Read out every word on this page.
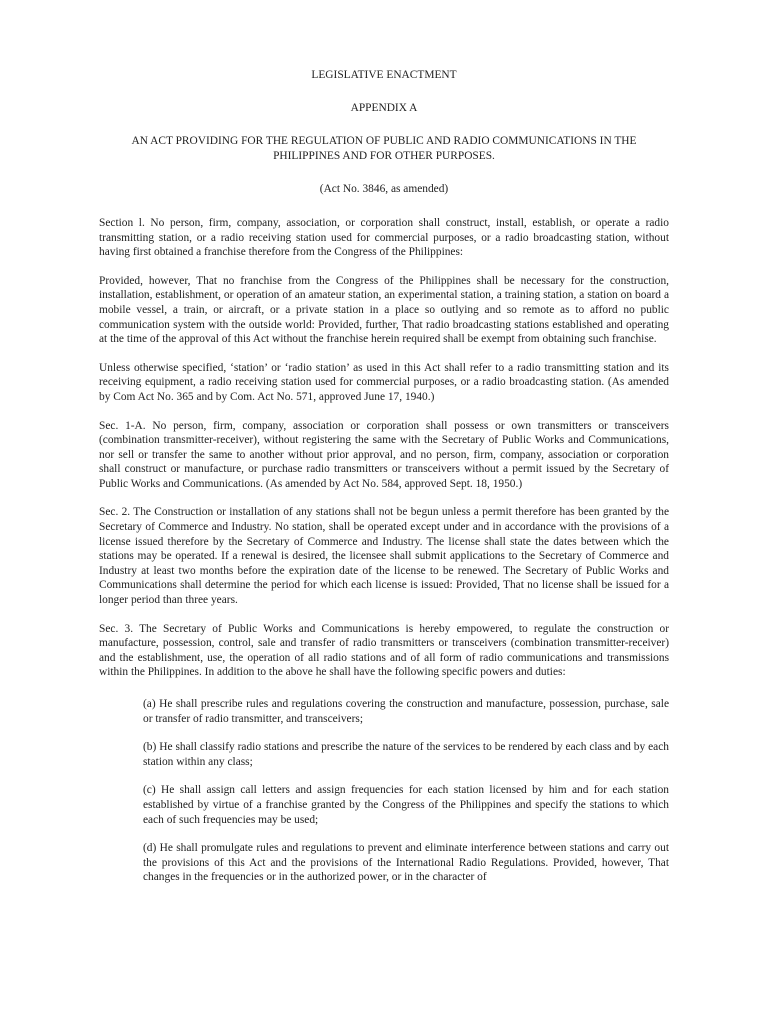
LEGISLATIVE ENACTMENT

APPENDIX A

AN ACT PROVIDING FOR THE REGULATION OF PUBLIC AND RADIO COMMUNICATIONS IN THE PHILIPPINES AND FOR OTHER PURPOSES.

(Act No. 3846, as amended)

Section l. No person, firm, company, association, or corporation shall construct, install, establish, or operate a radio transmitting station, or a radio receiving station used for commercial purposes, or a radio broadcasting station, without having first obtained a franchise therefore from the Congress of the Philippines:

Provided, however, That no franchise from the Congress of the Philippines shall be necessary for the construction, installation, establishment, or operation of an amateur station, an experimental station, a training station, a station on board a mobile vessel, a train, or aircraft, or a private station in a place so outlying and so remote as to afford no public communication system with the outside world: Provided, further, That radio broadcasting stations established and operating at the time of the approval of this Act without the franchise herein required shall be exempt from obtaining such franchise.

Unless otherwise specified, ‘station’ or ‘radio station’ as used in this Act shall refer to a radio transmitting station and its receiving equipment, a radio receiving station used for commercial purposes, or a radio broadcasting station. (As amended by Com Act No. 365 and by Com. Act No. 571, approved June 17, 1940.)

Sec. 1-A. No person, firm, company, association or corporation shall possess or own transmitters or transceivers (combination transmitter-receiver), without registering the same with the Secretary of Public Works and Communications, nor sell or transfer the same to another without prior approval, and no person, firm, company, association or corporation shall construct or manufacture, or purchase radio transmitters or transceivers without a permit issued by the Secretary of Public Works and Communications. (As amended by Act No. 584, approved Sept. 18, 1950.)

Sec. 2. The Construction or installation of any stations shall not be begun unless a permit therefore has been granted by the Secretary of Commerce and Industry. No station, shall be operated except under and in accordance with the provisions of a license issued therefore by the Secretary of Commerce and Industry. The license shall state the dates between which the stations may be operated. If a renewal is desired, the licensee shall submit applications to the Secretary of Commerce and Industry at least two months before the expiration date of the license to be renewed. The Secretary of Public Works and Communications shall determine the period for which each license is issued: Provided, That no license shall be issued for a longer period than three years.

Sec. 3. The Secretary of Public Works and Communications is hereby empowered, to regulate the construction or manufacture, possession, control, sale and transfer of radio transmitters or transceivers (combination transmitter-receiver) and the establishment, use, the operation of all radio stations and of all form of radio communications and transmissions within the Philippines. In addition to the above he shall have the following specific powers and duties:

(a) He shall prescribe rules and regulations covering the construction and manufacture, possession, purchase, sale or transfer of radio transmitter, and transceivers;

(b) He shall classify radio stations and prescribe the nature of the services to be rendered by each class and by each station within any class;

(c) He shall assign call letters and assign frequencies for each station licensed by him and for each station established by virtue of a franchise granted by the Congress of the Philippines and specify the stations to which each of such frequencies may be used;

(d) He shall promulgate rules and regulations to prevent and eliminate interference between stations and carry out the provisions of this Act and the provisions of the International Radio Regulations. Provided, however, That changes in the frequencies or in the authorized power, or in the character of
